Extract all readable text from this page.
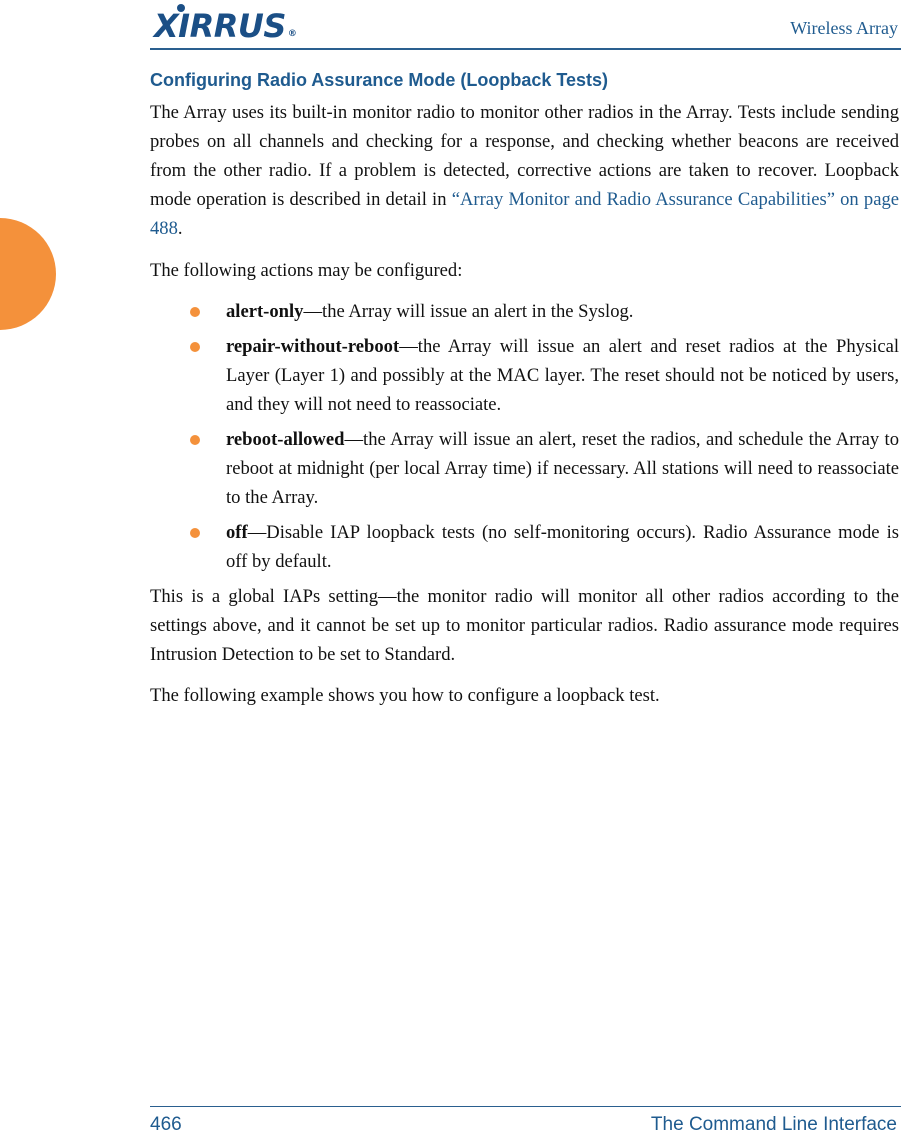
XIRRUS ®	Wireless Array
Configuring Radio Assurance Mode (Loopback Tests)

The Array uses its built-in monitor radio to monitor other radios in the Array. Tests include sending probes on all channels and checking for a response, and checking whether beacons are received from the other radio. If a problem is detected, corrective actions are taken to recover. Loopback mode operation is described in detail in “Array Monitor and Radio Assurance Capabilities” on page 488.

The following actions may be configured:

alert-only—the Array will issue an alert in the Syslog.
repair-without-reboot—the Array will issue an alert and reset radios at the Physical Layer (Layer 1) and possibly at the MAC layer. The reset should not be noticed by users, and they will not need to reassociate.
reboot-allowed—the Array will issue an alert, reset the radios, and schedule the Array to reboot at midnight (per local Array time) if necessary. All stations will need to reassociate to the Array.
off—Disable IAP loopback tests (no self-monitoring occurs). Radio Assurance mode is off by default.

This is a global IAPs setting—the monitor radio will monitor all other radios according to the settings above, and it cannot be set up to monitor particular radios. Radio assurance mode requires Intrusion Detection to be set to Standard.

The following example shows you how to configure a loopback test.

466	The Command Line Interface
